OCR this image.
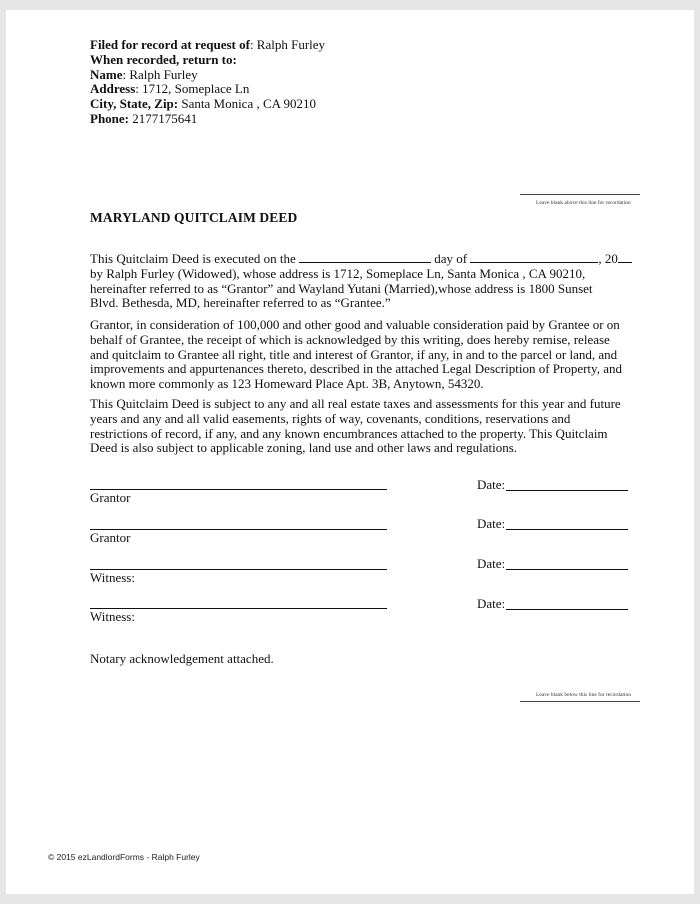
Filed for record at request of: Ralph Furley
When recorded, return to:
Name: Ralph Furley
Address: 1712, Someplace Ln
City, State, Zip: Santa Monica , CA 90210
Phone: 2177175641
Leave blank above this line for recordation
MARYLAND QUITCLAIM DEED
This Quitclaim Deed is executed on the	day of	, 20
by Ralph Furley (Widowed), whose address is 1712, Someplace Ln, Santa Monica , CA 90210,
hereinafter referred to as “Grantor” and Wayland Yutani (Married),whose address is 1800 Sunset
Blvd. Bethesda, MD, hereinafter referred to as “Grantee.”
Grantor, in consideration of 100,000 and other good and valuable consideration paid by Grantee or on
behalf of Grantee, the receipt of which is acknowledged by this writing, does hereby remise, release
and quitclaim to Grantee all right, title and interest of Grantor, if any, in and to the parcel or land, and
improvements and appurtenances thereto, described in the attached Legal Description of Property, and
known more commonly as 123 Homeward Place Apt. 3B, Anytown, 54320.
This Quitclaim Deed is subject to any and all real estate taxes and assessments for this year and future
years and any and all valid easements, rights of way, covenants, conditions, reservations and
restrictions of record, if any, and any known encumbrances attached to the property. This Quitclaim
Deed is also subject to applicable zoning, land use and other laws and regulations.
Date:
Grantor
Date:
Grantor
Date:
Witness:
Date:
Witness:
Notary acknowledgement attached.
Leave blank below this line for recordation
© 2015 ezLandlordForms - Ralph Furley
